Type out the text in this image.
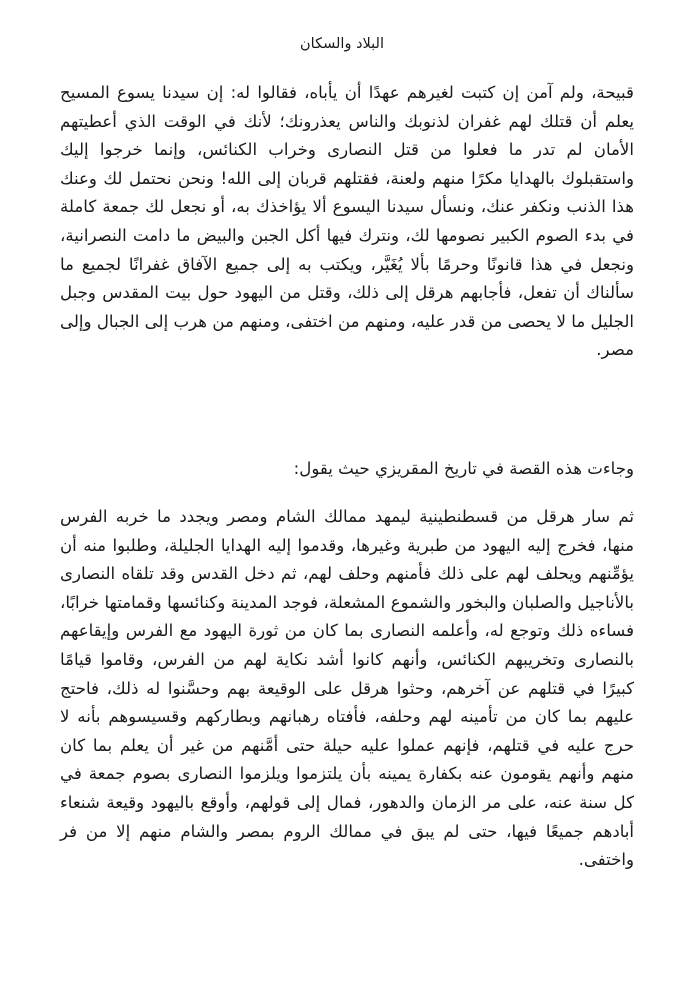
البلاد والسكان

قبيحة، ولم آمن إن كتبت لغيرهم عهدًا أن يأباه، فقالوا له: إن سيدنا يسوع المسيح يعلم أن قتلك لهم غفران لذنوبك والناس يعذرونك؛ لأنك في الوقت الذي أعطيتهم الأمان لم تدر ما فعلوا من قتل النصارى وخراب الكنائس، وإنما خرجوا إليك واستقبلوك بالهدايا مكرًا منهم ولعنة، فقتلهم قربان إلى الله! ونحن نحتمل لك وعنك هذا الذنب ونكفر عنك، ونسأل سيدنا اليسوع ألا يؤاخذك به، أو نجعل لك جمعة كاملة في بدء الصوم الكبير نصومها لك، ونترك فيها أكل الجبن والبيض ما دامت النصرانية، ونجعل في هذا قانونًا وحرمًا بألا يُغَيَّر، ويكتب به إلى جميع الآفاق غفرانًا لجميع ما سألناك أن تفعل، فأجابهم هرقل إلى ذلك، وقتل من اليهود حول بيت المقدس وجبل الجليل ما لا يحصى من قدر عليه، ومنهم من اختفى، ومنهم من هرب إلى الجبال وإلى مصر.

وجاءت هذه القصة في تاريخ المقريزي حيث يقول:

ثم سار هرقل من قسطنطينية ليمهد ممالك الشام ومصر ويجدد ما خربه الفرس منها، فخرج إليه اليهود من طبرية وغيرها، وقدموا إليه الهدايا الجليلة، وطلبوا منه أن يؤمِّنهم ويحلف لهم على ذلك فأمنهم وحلف لهم، ثم دخل القدس وقد تلقاه النصارى بالأناجيل والصلبان والبخور والشموع المشعلة، فوجد المدينة وكنائسها وقمامتها خرابًا، فساءه ذلك وتوجع له، وأعلمه النصارى بما كان من ثورة اليهود مع الفرس وإيقاعهم بالنصارى وتخريبهم الكنائس، وأنهم كانوا أشد نكاية لهم من الفرس، وقاموا قيامًا كبيرًا في قتلهم عن آخرهم، وحثوا هرقل على الوقيعة بهم وحسَّنوا له ذلك، فاحتج عليهم بما كان من تأمينه لهم وحلفه، فأفتاه رهبانهم وبطاركهم وقسيسوهم بأنه لا حرج عليه في قتلهم، فإنهم عملوا عليه حيلة حتى أمَّنهم من غير أن يعلم بما كان منهم وأنهم يقومون عنه بكفارة يمينه بأن يلتزموا ويلزموا النصارى بصوم جمعة في كل سنة عنه، على مر الزمان والدهور، فمال إلى قولهم، وأوقع باليهود وقيعة شنعاء أبادهم جميعًا فيها، حتى لم يبق في ممالك الروم بمصر والشام منهم إلا من فر واختفى.
